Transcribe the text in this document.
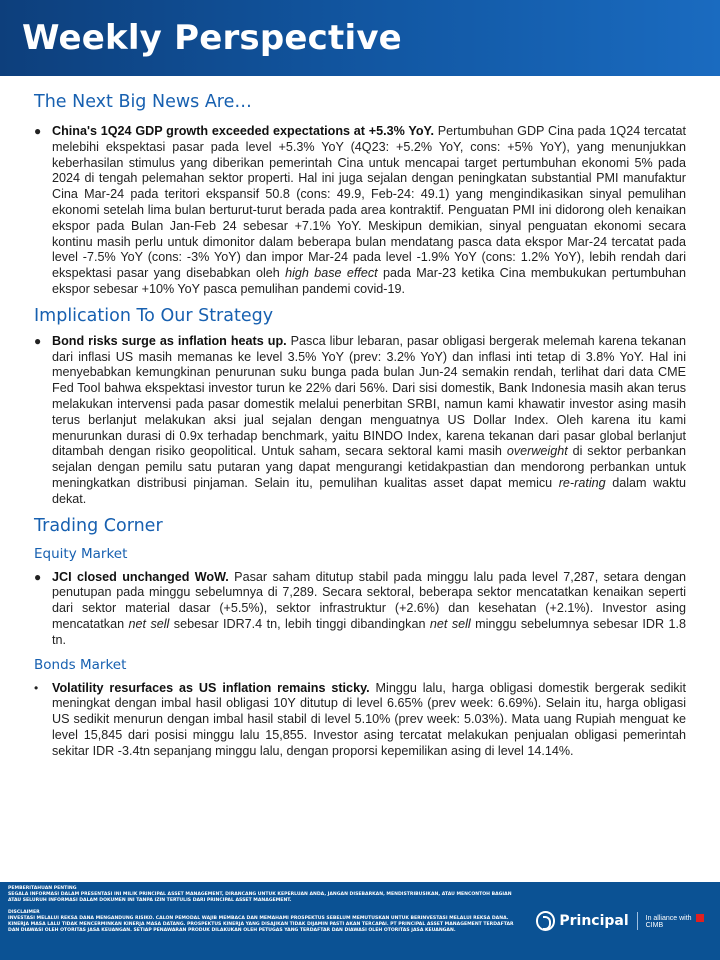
Weekly Perspective
The Next Big News Are…
● China's 1Q24 GDP growth exceeded expectations at +5.3% YoY. Pertumbuhan GDP Cina pada 1Q24 tercatat melebihi ekspektasi pasar pada level +5.3% YoY (4Q23: +5.2% YoY, cons: +5% YoY), yang menunjukkan keberhasilan stimulus yang diberikan pemerintah Cina untuk mencapai target pertumbuhan ekonomi 5% pada 2024 di tengah pelemahan sektor properti. Hal ini juga sejalan dengan peningkatan substantial PMI manufaktur Cina Mar-24 pada teritori ekspansif 50.8 (cons: 49.9, Feb-24: 49.1) yang mengindikasikan sinyal pemulihan ekonomi setelah lima bulan berturut-turut berada pada area kontraktif. Penguatan PMI ini didorong oleh kenaikan ekspor pada Bulan Jan-Feb 24 sebesar +7.1% YoY. Meskipun demikian, sinyal penguatan ekonomi secara kontinu masih perlu untuk dimonitor dalam beberapa bulan mendatang pasca data ekspor Mar-24 tercatat pada level -7.5% YoY (cons: -3% YoY) dan impor Mar-24 pada level -1.9% YoY (cons: 1.2% YoY), lebih rendah dari ekspektasi pasar yang disebabkan oleh high base effect pada Mar-23 ketika Cina membukukan pertumbuhan ekspor sebesar +10% YoY pasca pemulihan pandemi covid-19.
Implication To Our Strategy
● Bond risks surge as inflation heats up. Pasca libur lebaran, pasar obligasi bergerak melemah karena tekanan dari inflasi US masih memanas ke level 3.5% YoY (prev: 3.2% YoY) dan inflasi inti tetap di 3.8% YoY. Hal ini menyebabkan kemungkinan penurunan suku bunga pada bulan Jun-24 semakin rendah, terlihat dari data CME Fed Tool bahwa ekspektasi investor turun ke 22% dari 56%. Dari sisi domestik, Bank Indonesia masih akan terus melakukan intervensi pada pasar domestik melalui penerbitan SRBI, namun kami khawatir investor asing masih terus berlanjut melakukan aksi jual sejalan dengan menguatnya US Dollar Index. Oleh karena itu kami menurunkan durasi di 0.9x terhadap benchmark, yaitu BINDO Index, karena tekanan dari pasar global berlanjut ditambah dengan risiko geopolitical. Untuk saham, secara sektoral kami masih overweight di sektor perbankan sejalan dengan pemilu satu putaran yang dapat mengurangi ketidakpastian dan mendorong perbankan untuk meningkatkan distribusi pinjaman. Selain itu, pemulihan kualitas asset dapat memicu re-rating dalam waktu dekat.
Trading Corner
Equity Market
● JCI closed unchanged WoW. Pasar saham ditutup stabil pada minggu lalu pada level 7,287, setara dengan penutupan pada minggu sebelumnya di 7,289. Secara sektoral, beberapa sektor mencatatkan kenaikan seperti dari sektor material dasar (+5.5%), sektor infrastruktur (+2.6%) dan kesehatan (+2.1%). Investor asing mencatatkan net sell sebesar IDR7.4 tn, lebih tinggi dibandingkan net sell minggu sebelumnya sebesar IDR 1.8 tn.
Bonds Market
• Volatility resurfaces as US inflation remains sticky. Minggu lalu, harga obligasi domestik bergerak sedikit meningkat dengan imbal hasil obligasi 10Y ditutup di level 6.65% (prev week: 6.69%). Selain itu, harga obligasi US sedikit menurun dengan imbal hasil stabil di level 5.10% (prev week: 5.03%). Mata uang Rupiah menguat ke level 15,845 dari posisi minggu lalu 15,855. Investor asing tercatat melakukan penjualan obligasi pemerintah sekitar IDR -3.4tn sepanjang minggu lalu, dengan proporsi kepemilikan asing di level 14.14%.
PEMBERITAHUAN PENTING
SEGALA INFORMASI DALAM PRESENTASI INI MILIK PRINCIPAL ASSET MANAGEMENT, DIRANCANG UNTUK KEPERLUAN ANDA, JANGAN DISEBARKAN, MENDISTRIBUSIKAN, ATAU MENCONTOH BAGIAN ATAU SELURUH INFORMASI DALAM DOKUMEN INI TANPA IZIN TERTULIS DARI PRINCIPAL ASSET MANAGEMENT.
DISCLAIMER
INVESTASI MELALUI REKSA DANA MENGANDUNG RISIKO. CALON PEMODAL WAJIB MEMBACA DAN MEMAHAMI PROSPEKTUS SEBELUM MEMUTUSKAN UNTUK BERINVESTASI MELALUI REKSA DANA. KINERJA MASA LALU TIDAK MENCERMINKAN KINERJA MASA DATANG. PROSPEKTUS KINERJA YANG DISAJIKAN TIDAK DIJAMIN PASTI AKAN TERCAPAI. PT PRINCIPAL ASSET MANAGEMENT TERDAFTAR DAN DIAWASI OLEH OTORITAS JASA KEUANGAN. SETIAP PENAWARAN PRODUK DILAKUKAN OLEH PETUGAS YANG TERDAFTAR DAN DIAWASI OLEH OTORITAS JASA KEUANGAN.
Principal In alliance withCIMB
